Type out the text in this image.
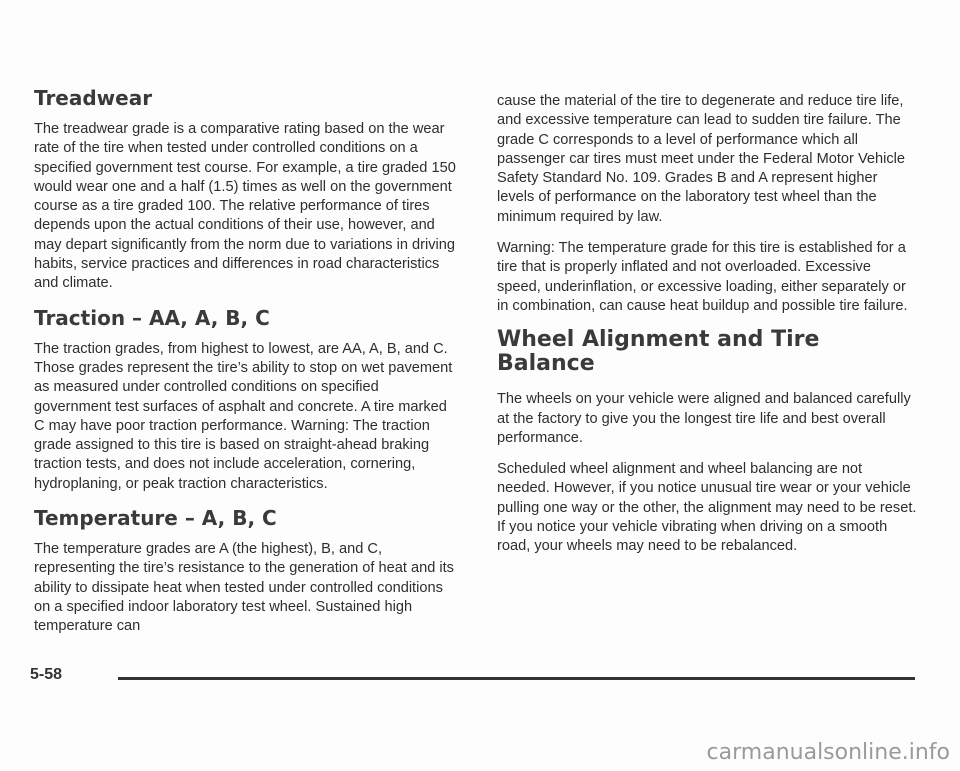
Treadwear

The treadwear grade is a comparative rating based on the wear rate of the tire when tested under controlled conditions on a specified government test course. For example, a tire graded 150 would wear one and a half (1.5) times as well on the government course as a tire graded 100. The relative performance of tires depends upon the actual conditions of their use, however, and may depart significantly from the norm due to variations in driving habits, service practices and differences in road characteristics and climate.

Traction – AA, A, B, C

The traction grades, from highest to lowest, are AA, A, B, and C. Those grades represent the tire’s ability to stop on wet pavement as measured under controlled conditions on specified government test surfaces of asphalt and concrete. A tire marked C may have poor traction performance. Warning: The traction grade assigned to this tire is based on straight-ahead braking traction tests, and does not include acceleration, cornering, hydroplaning, or peak traction characteristics.

Temperature – A, B, C

The temperature grades are A (the highest), B, and C, representing the tire’s resistance to the generation of heat and its ability to dissipate heat when tested under controlled conditions on a specified indoor laboratory test wheel. Sustained high temperature can

cause the material of the tire to degenerate and reduce tire life, and excessive temperature can lead to sudden tire failure. The grade C corresponds to a level of performance which all passenger car tires must meet under the Federal Motor Vehicle Safety Standard No. 109. Grades B and A represent higher levels of performance on the laboratory test wheel than the minimum required by law.

Warning: The temperature grade for this tire is established for a tire that is properly inflated and not overloaded. Excessive speed, underinflation, or excessive loading, either separately or in combination, can cause heat buildup and possible tire failure.

Wheel Alignment and Tire Balance

The wheels on your vehicle were aligned and balanced carefully at the factory to give you the longest tire life and best overall performance.

Scheduled wheel alignment and wheel balancing are not needed. However, if you notice unusual tire wear or your vehicle pulling one way or the other, the alignment may need to be reset. If you notice your vehicle vibrating when driving on a smooth road, your wheels may need to be rebalanced.

5-58
carmanualsonline.info
